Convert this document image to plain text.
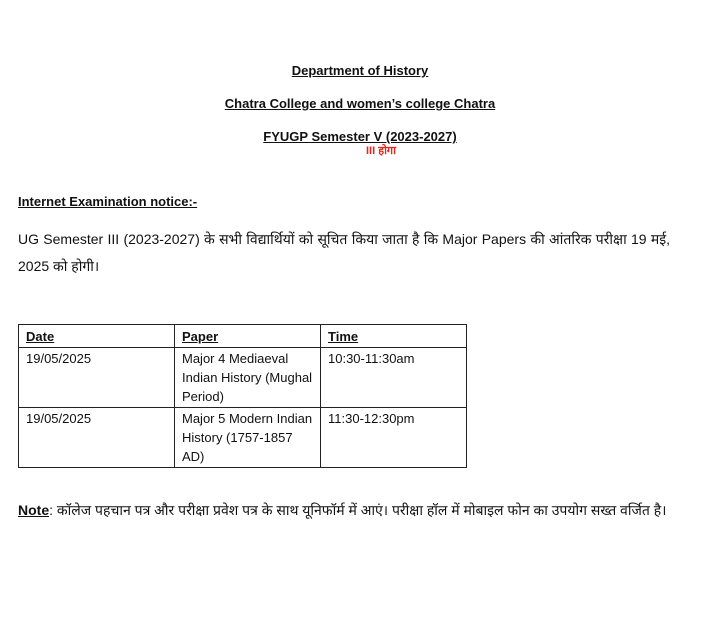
Department of History
Chatra College and women’s college Chatra
FYUGP Semester V (2023-2027)
III होगा
Internet Examination notice:-
UG Semester III (2023-2027) के सभी विद्यार्थियों को सूचित किया जाता है कि Major Papers की आंतरिक परीक्षा 19 मई, 2025 को होगी।
Date	Paper	Time
19/05/2025	Major 4 Mediaeval Indian History (Mughal Period)	10:30-11:30am
19/05/2025	Major 5 Modern Indian History (1757-1857 AD)	11:30-12:30pm
Note: कॉलेज पहचान पत्र और परीक्षा प्रवेश पत्र के साथ यूनिफॉर्म में आएं। परीक्षा हॉल में मोबाइल फोन का उपयोग सख्त वर्जित है।
